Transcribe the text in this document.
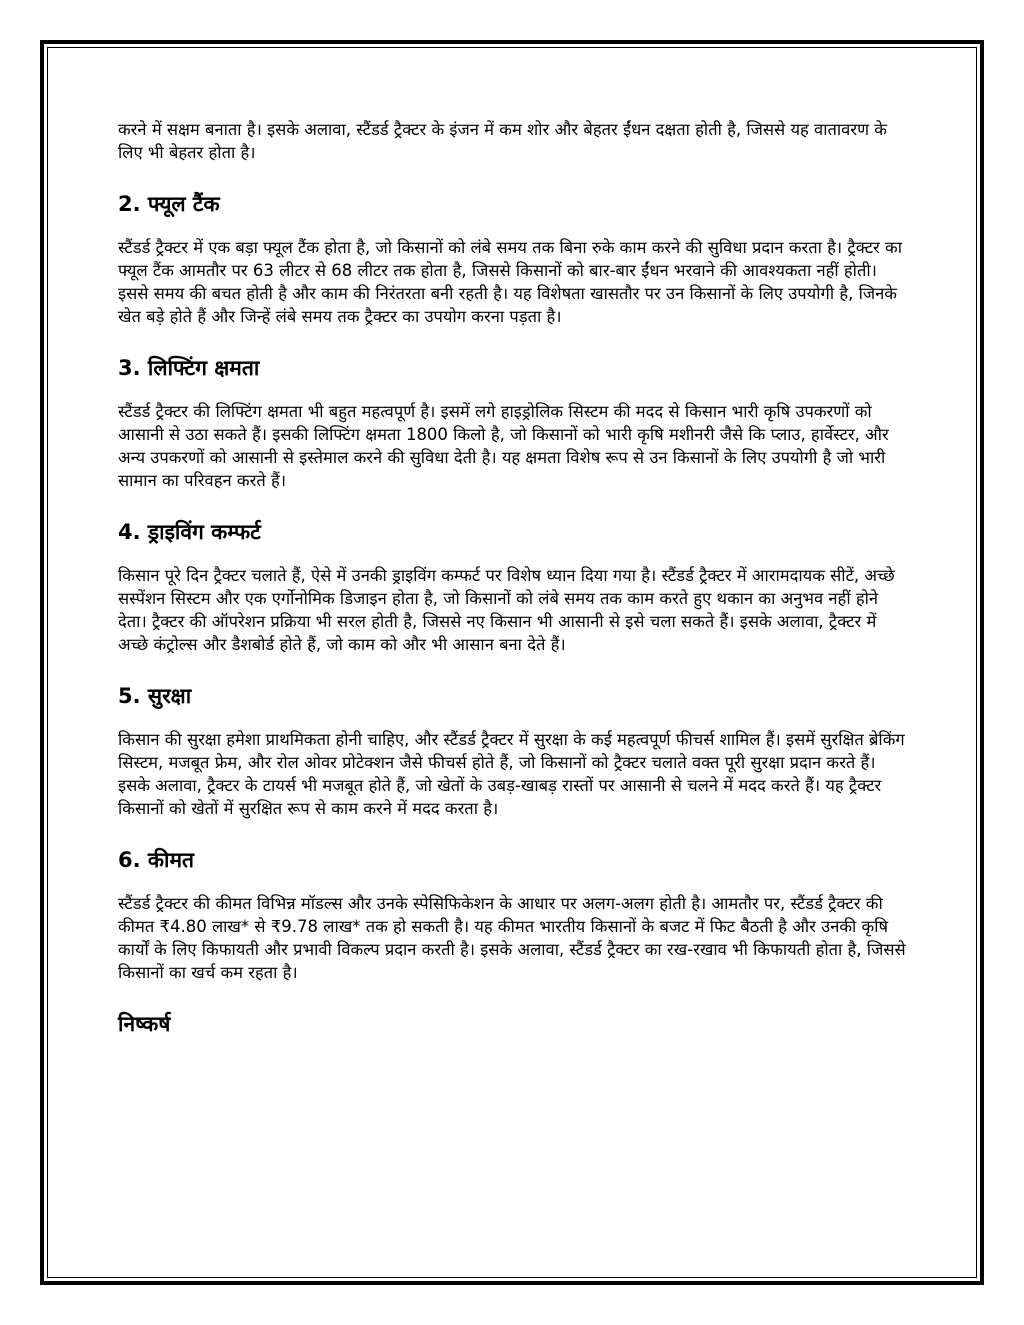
करने में सक्षम बनाता है। इसके अलावा, स्टैंडर्ड ट्रैक्टर के इंजन में कम शोर और बेहतर ईंधन दक्षता होती है, जिससे यह वातावरण के लिए भी बेहतर होता है।

2. फ्यूल टैंक

स्टैंडर्ड ट्रैक्टर में एक बड़ा फ्यूल टैंक होता है, जो किसानों को लंबे समय तक बिना रुके काम करने की सुविधा प्रदान करता है। ट्रैक्टर का फ्यूल टैंक आमतौर पर 63 लीटर से 68 लीटर तक होता है, जिससे किसानों को बार-बार ईंधन भरवाने की आवश्यकता नहीं होती। इससे समय की बचत होती है और काम की निरंतरता बनी रहती है। यह विशेषता खासतौर पर उन किसानों के लिए उपयोगी है, जिनके खेत बड़े होते हैं और जिन्हें लंबे समय तक ट्रैक्टर का उपयोग करना पड़ता है।

3. लिफ्टिंग क्षमता

स्टैंडर्ड ट्रैक्टर की लिफ्टिंग क्षमता भी बहुत महत्वपूर्ण है। इसमें लगे हाइड्रोलिक सिस्टम की मदद से किसान भारी कृषि उपकरणों को आसानी से उठा सकते हैं। इसकी लिफ्टिंग क्षमता 1800 किलो है, जो किसानों को भारी कृषि मशीनरी जैसे कि प्लाउ, हार्वेस्टर, और अन्य उपकरणों को आसानी से इस्तेमाल करने की सुविधा देती है। यह क्षमता विशेष रूप से उन किसानों के लिए उपयोगी है जो भारी सामान का परिवहन करते हैं।

4. ड्राइविंग कम्फर्ट

किसान पूरे दिन ट्रैक्टर चलाते हैं, ऐसे में उनकी ड्राइविंग कम्फर्ट पर विशेष ध्यान दिया गया है। स्टैंडर्ड ट्रैक्टर में आरामदायक सीटें, अच्छे सस्पेंशन सिस्टम और एक एर्गोनोमिक डिजाइन होता है, जो किसानों को लंबे समय तक काम करते हुए थकान का अनुभव नहीं होने देता। ट्रैक्टर की ऑपरेशन प्रक्रिया भी सरल होती है, जिससे नए किसान भी आसानी से इसे चला सकते हैं। इसके अलावा, ट्रैक्टर में अच्छे कंट्रोल्स और डैशबोर्ड होते हैं, जो काम को और भी आसान बना देते हैं।

5. सुरक्षा

किसान की सुरक्षा हमेशा प्राथमिकता होनी चाहिए, और स्टैंडर्ड ट्रैक्टर में सुरक्षा के कई महत्वपूर्ण फीचर्स शामिल हैं। इसमें सुरक्षित ब्रेकिंग सिस्टम, मजबूत फ्रेम, और रोल ओवर प्रोटेक्शन जैसे फीचर्स होते हैं, जो किसानों को ट्रैक्टर चलाते वक्त पूरी सुरक्षा प्रदान करते हैं। इसके अलावा, ट्रैक्टर के टायर्स भी मजबूत होते हैं, जो खेतों के उबड़-खाबड़ रास्तों पर आसानी से चलने में मदद करते हैं। यह ट्रैक्टर किसानों को खेतों में सुरक्षित रूप से काम करने में मदद करता है।

6. कीमत

स्टैंडर्ड ट्रैक्टर की कीमत विभिन्न मॉडल्स और उनके स्पेसिफिकेशन के आधार पर अलग-अलग होती है। आमतौर पर, स्टैंडर्ड ट्रैक्टर की कीमत ₹4.80 लाख* से ₹9.78 लाख* तक हो सकती है। यह कीमत भारतीय किसानों के बजट में फिट बैठती है और उनकी कृषि कार्यों के लिए किफायती और प्रभावी विकल्प प्रदान करती है। इसके अलावा, स्टैंडर्ड ट्रैक्टर का रख-रखाव भी किफायती होता है, जिससे किसानों का खर्च कम रहता है।

निष्कर्ष
